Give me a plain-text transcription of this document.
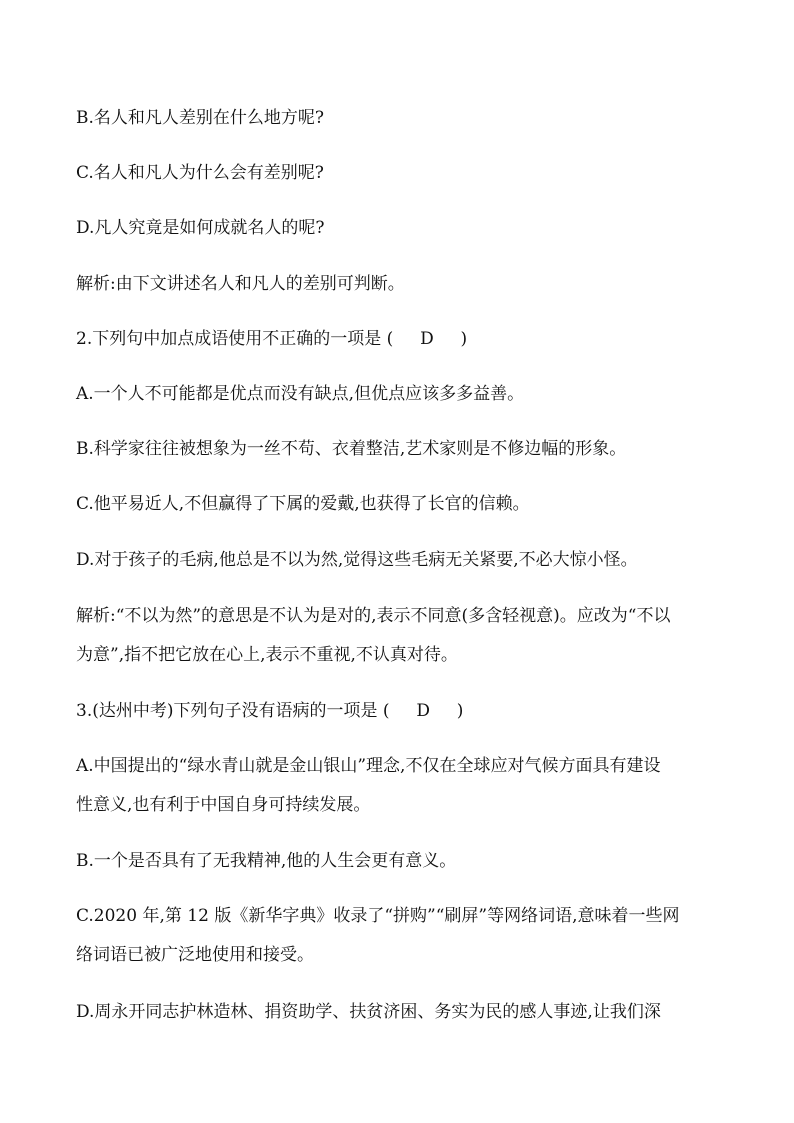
B.名人和凡人差别在什么地方呢?
C.名人和凡人为什么会有差别呢?
D.凡人究竟是如何成就名人的呢?
解析:由下文讲述名人和凡人的差别可判断。
2.下列句中加点成语使用不正确的一项是 ( D )
A.一个人不可能都是优点而没有缺点,但优点应该多多益善。
B.科学家往往被想象为一丝不苟、衣着整洁,艺术家则是不修边幅的形象。
C.他平易近人,不但赢得了下属的爱戴,也获得了长官的信赖。
D.对于孩子的毛病,他总是不以为然,觉得这些毛病无关紧要,不必大惊小怪。
解析:“不以为然”的意思是不认为是对的,表示不同意(多含轻视意)。应改为“不以
为意”,指不把它放在心上,表示不重视,不认真对待。
3.(达州中考)下列句子没有语病的一项是 ( D )
A.中国提出的“绿水青山就是金山银山”理念,不仅在全球应对气候方面具有建设
性意义,也有利于中国自身可持续发展。
B.一个是否具有了无我精神,他的人生会更有意义。
C.2020 年,第 12 版《新华字典》收录了“拼购”“刷屏”等网络词语,意味着一些网
络词语已被广泛地使用和接受。
D.周永开同志护林造林、捐资助学、扶贫济困、务实为民的感人事迹,让我们深
